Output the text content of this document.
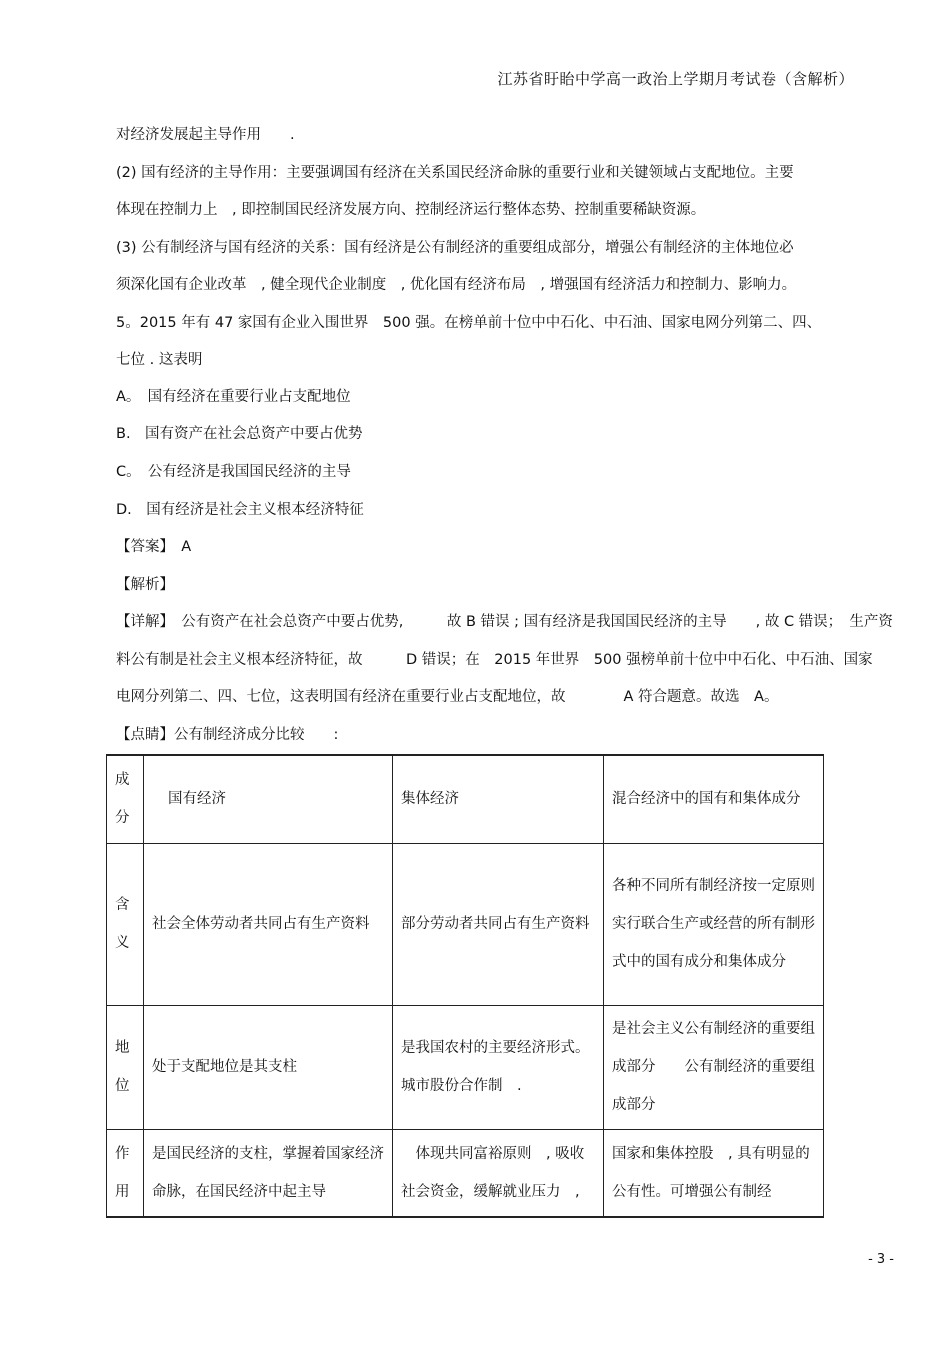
江苏省盱眙中学高一政治上学期月考试卷（含解析）
对经济发展起主导作用　　.
(2) 国有经济的主导作用：主要强调国有经济在关系国民经济命脉的重要行业和关键领域占支配地位。主要
体现在控制力上　, 即控制国民经济发展方向、控制经济运行整体态势、控制重要稀缺资源。
(3) 公有制经济与国有经济的关系：国有经济是公有制经济的重要组成部分，增强公有制经济的主体地位必
须深化国有企业改革　, 健全现代企业制度　, 优化国有经济布局　, 增强国有经济活力和控制力、影响力。
5。2015 年有 47 家国有企业入围世界　500 强。在榜单前十位中中石化、中石油、国家电网分列第二、四、
七位 . 这表明
A。　国有经济在重要行业占支配地位
B.　国有资产在社会总资产中要占优势
C。　公有经济是我国国民经济的主导
D.　国有经济是社会主义根本经济特征
【答案】　A
【解析】
【详解】　公有资产在社会总资产中要占优势,　　　故 B 错误 ; 国有经济是我国国民经济的主导　　, 故 C 错误；　生产资
料公有制是社会主义根本经济特征，故　　　D 错误；在　2015 年世界　500 强榜单前十位中中石化、中石油、国家
电网分列第二、四、七位，这表明国有经济在重要行业占支配地位，故　　　　A 符合题意。故选　A。
【点睛】公有制经济成分比较　　:
成分	国有经济	集体经济	混合经济中的国有和集体成分
含义	社会全体劳动者共同占有生产资料	部分劳动者共同占有生产资料	各种不同所有制经济按一定原则实行联合生产或经营的所有制形式中的国有成分和集体成分
地位	处于支配地位是其支柱	是我国农村的主要经济形式。城市股份合作制　.	是社会主义公有制经济的重要组成部分　　公有制经济的重要组成部分
作用	是国民经济的支柱，掌握着国家经济命脉，在国民经济中起主导	　体现共同富裕原则　, 吸收社会资金，缓解就业压力　,	国家和集体控股　, 具有明显的公有性。可增强公有制经
- 3 -
